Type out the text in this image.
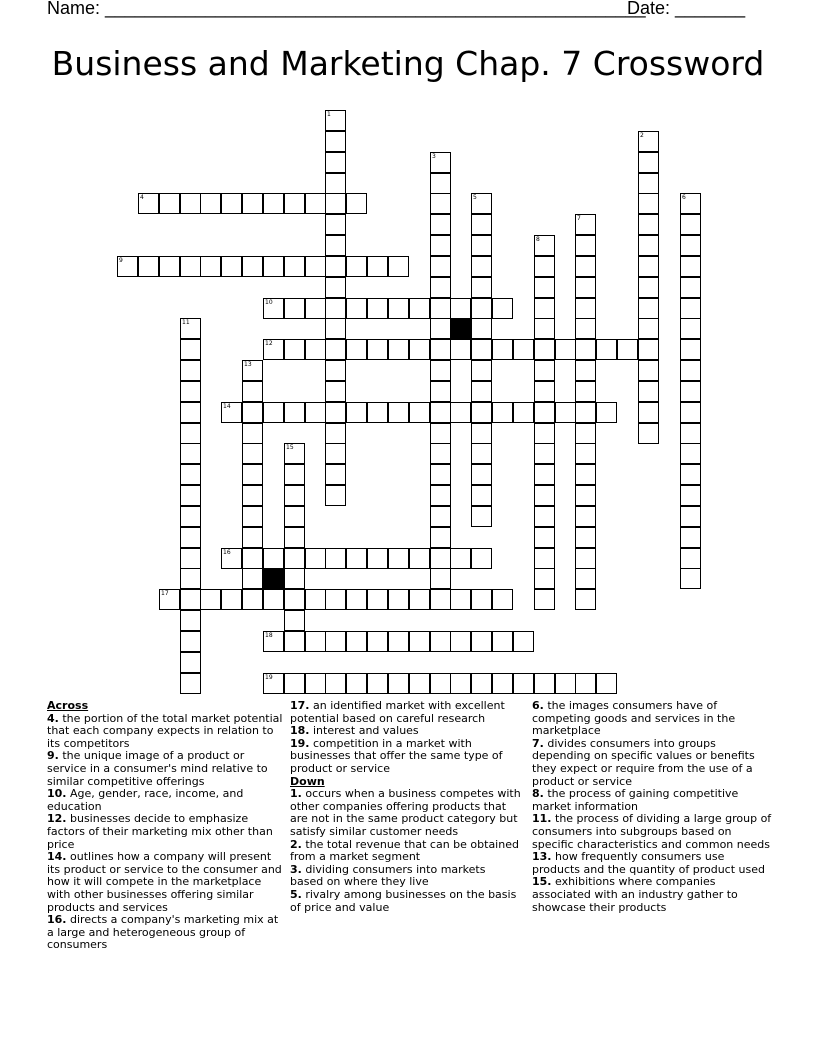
Name: ______________________________________________________
Date: _______
Business and Marketing Chap. 7 Crossword
4
9
10
12
14
16
17
18
19
1
2
3
5	6
7
8
11
13
15
Across
4. the portion of the total market potential that each company expects in relation to its competitors
9. the unique image of a product or service in a consumer's mind relative to similar competitive offerings
10. Age, gender, race, income, and education
12. businesses decide to emphasize factors of their marketing mix other than price
14. outlines how a company will present its product or service to the consumer and how it will compete in the marketplace with other businesses offering similar products and services
16. directs a company's marketing mix at a large and heterogeneous group of consumers
17. an identified market with excellent potential based on careful research
18. interest and values
19. competition in a market with businesses that offer the same type of product or service
Down
1. occurs when a business competes with other companies offering products that are not in the same product category but satisfy similar customer needs
2. the total revenue that can be obtained from a market segment
3. dividing consumers into markets based on where they live
5. rivalry among businesses on the basis of price and value
6. the images consumers have of competing goods and services in the marketplace
7. divides consumers into groups depending on specific values or benefits they expect or require from the use of a product or service
8. the process of gaining competitive market information
11. the process of dividing a large group of consumers into subgroups based on specific characteristics and common needs
13. how frequently consumers use products and the quantity of product used
15. exhibitions where companies associated with an industry gather to showcase their products
